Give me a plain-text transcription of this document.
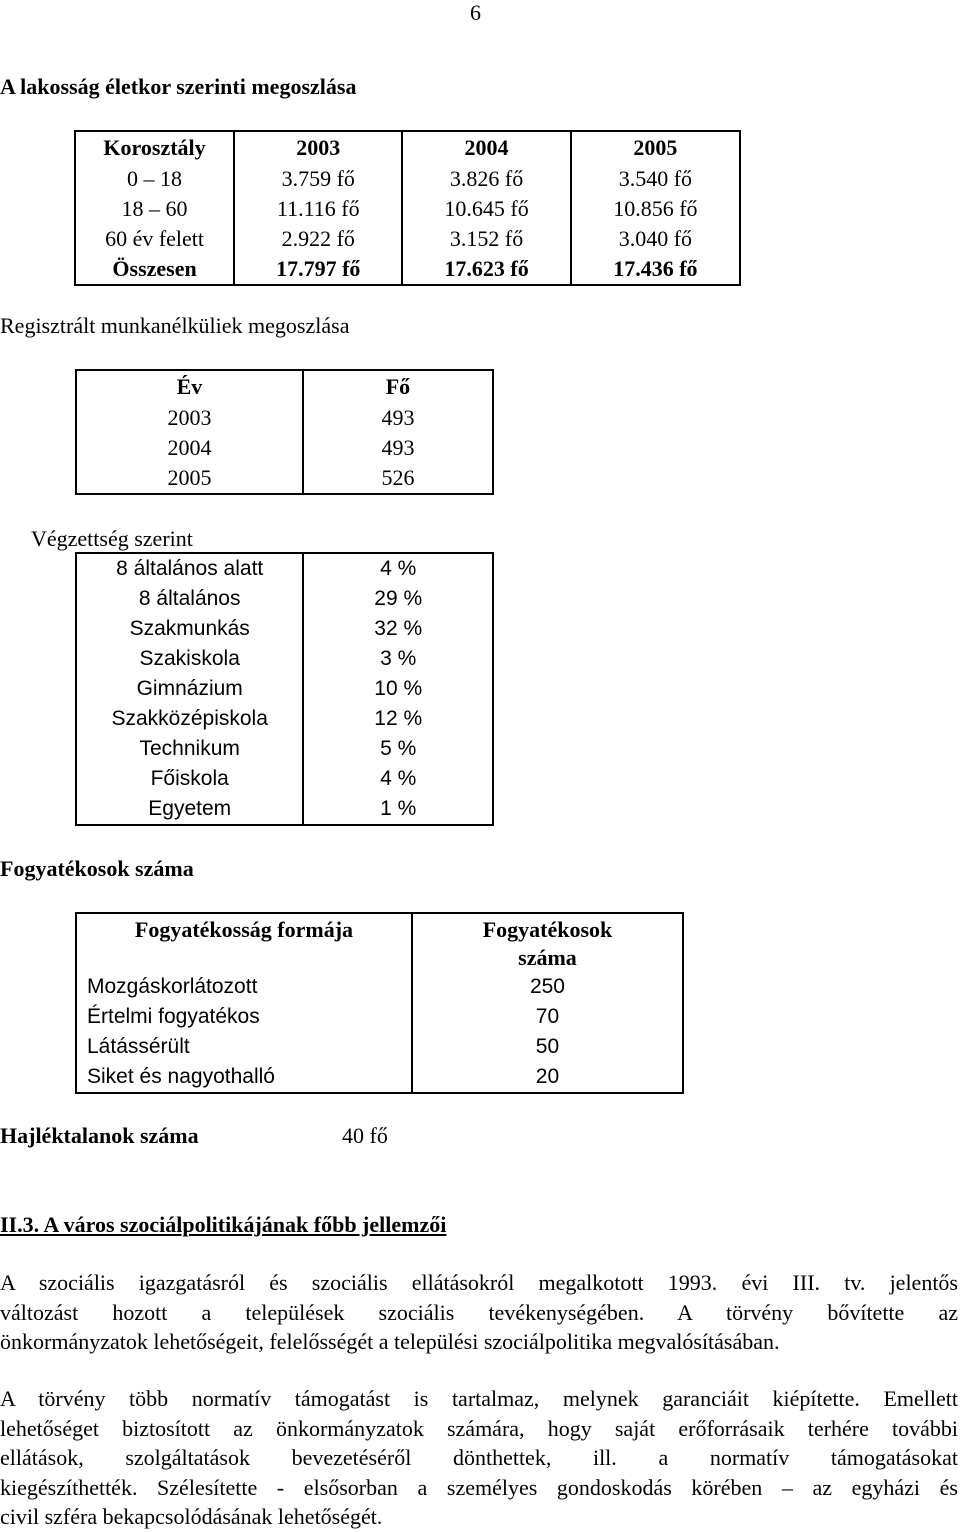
6
A lakosság életkor szerinti megoszlása
Korosztály	2003	2004	2005
0 – 18	3.759 fő	3.826 fő	3.540 fő
18 – 60	11.116 fő	10.645 fő	10.856 fő
60 év felett	2.922 fő	3.152 fő	3.040 fő
Összesen	17.797 fő	17.623 fő	17.436 fő
Regisztrált munkanélküliek megoszlása
Év	Fő
2003	493
2004	493
2005	526
Végzettség szerint
8 általános alatt	4 %
8 általános	29 %
Szakmunkás	32 %
Szakiskola	3 %
Gimnázium	10 %
Szakközépiskola	12 %
Technikum	5 %
Főiskola	4 %
Egyetem	1 %
Fogyatékosok száma
Fogyatékosság formája	Fogyatékosok
száma
Mozgáskorlátozott	250
Értelmi fogyatékos	70
Látássérült	50
Siket és nagyothalló	20
Hajléktalanok száma	40 fő
II.3. A város szociálpolitikájának főbb jellemzői
A szociális igazgatásról és szociális ellátásokról megalkotott 1993. évi III. tv. jelentős
változást hozott a települések szociális tevékenységében. A törvény bővítette az
önkormányzatok lehetőségeit, felelősségét a települési szociálpolitika megvalósításában.
A törvény több normatív támogatást is tartalmaz, melynek garanciáit kiépítette. Emellett
lehetőséget biztosított az önkormányzatok számára, hogy saját erőforrásaik terhére további
ellátások, szolgáltatások bevezetéséről dönthettek, ill. a normatív támogatásokat
kiegészíthették. Szélesítette - elsősorban a személyes gondoskodás körében – az egyházi és
civil szféra bekapcsolódásának lehetőségét.
